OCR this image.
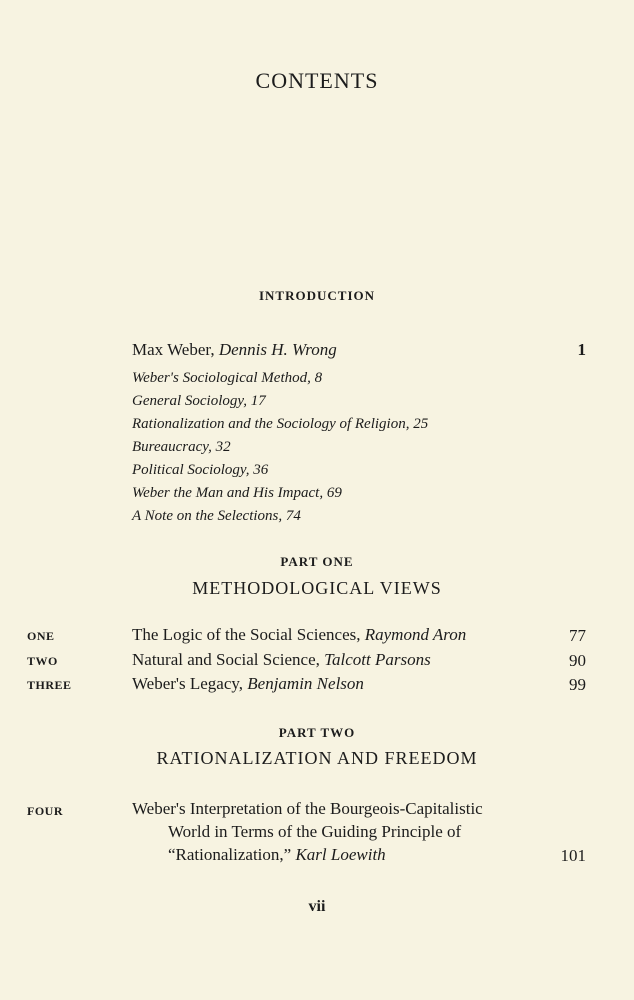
⠀
CONTENTS
INTRODUCTION
Max Weber, Dennis H. Wrong	1
Weber's Sociological Method, 8
General Sociology, 17
Rationalization and the Sociology of Religion, 25
Bureaucracy, 32
Political Sociology, 36
Weber the Man and His Impact, 69
A Note on the Selections, 74
PART ONE
METHODOLOGICAL VIEWS
ONE	The Logic of the Social Sciences, Raymond Aron	77
TWO	Natural and Social Science, Talcott Parsons	90
THREE	Weber's Legacy, Benjamin Nelson	99
PART TWO
RATIONALIZATION AND FREEDOM
FOUR	Weber's Interpretation of the Bourgeois-Capitalistic
World in Terms of the Guiding Principle of
“Rationalization,” Karl Loewith	101
vii
